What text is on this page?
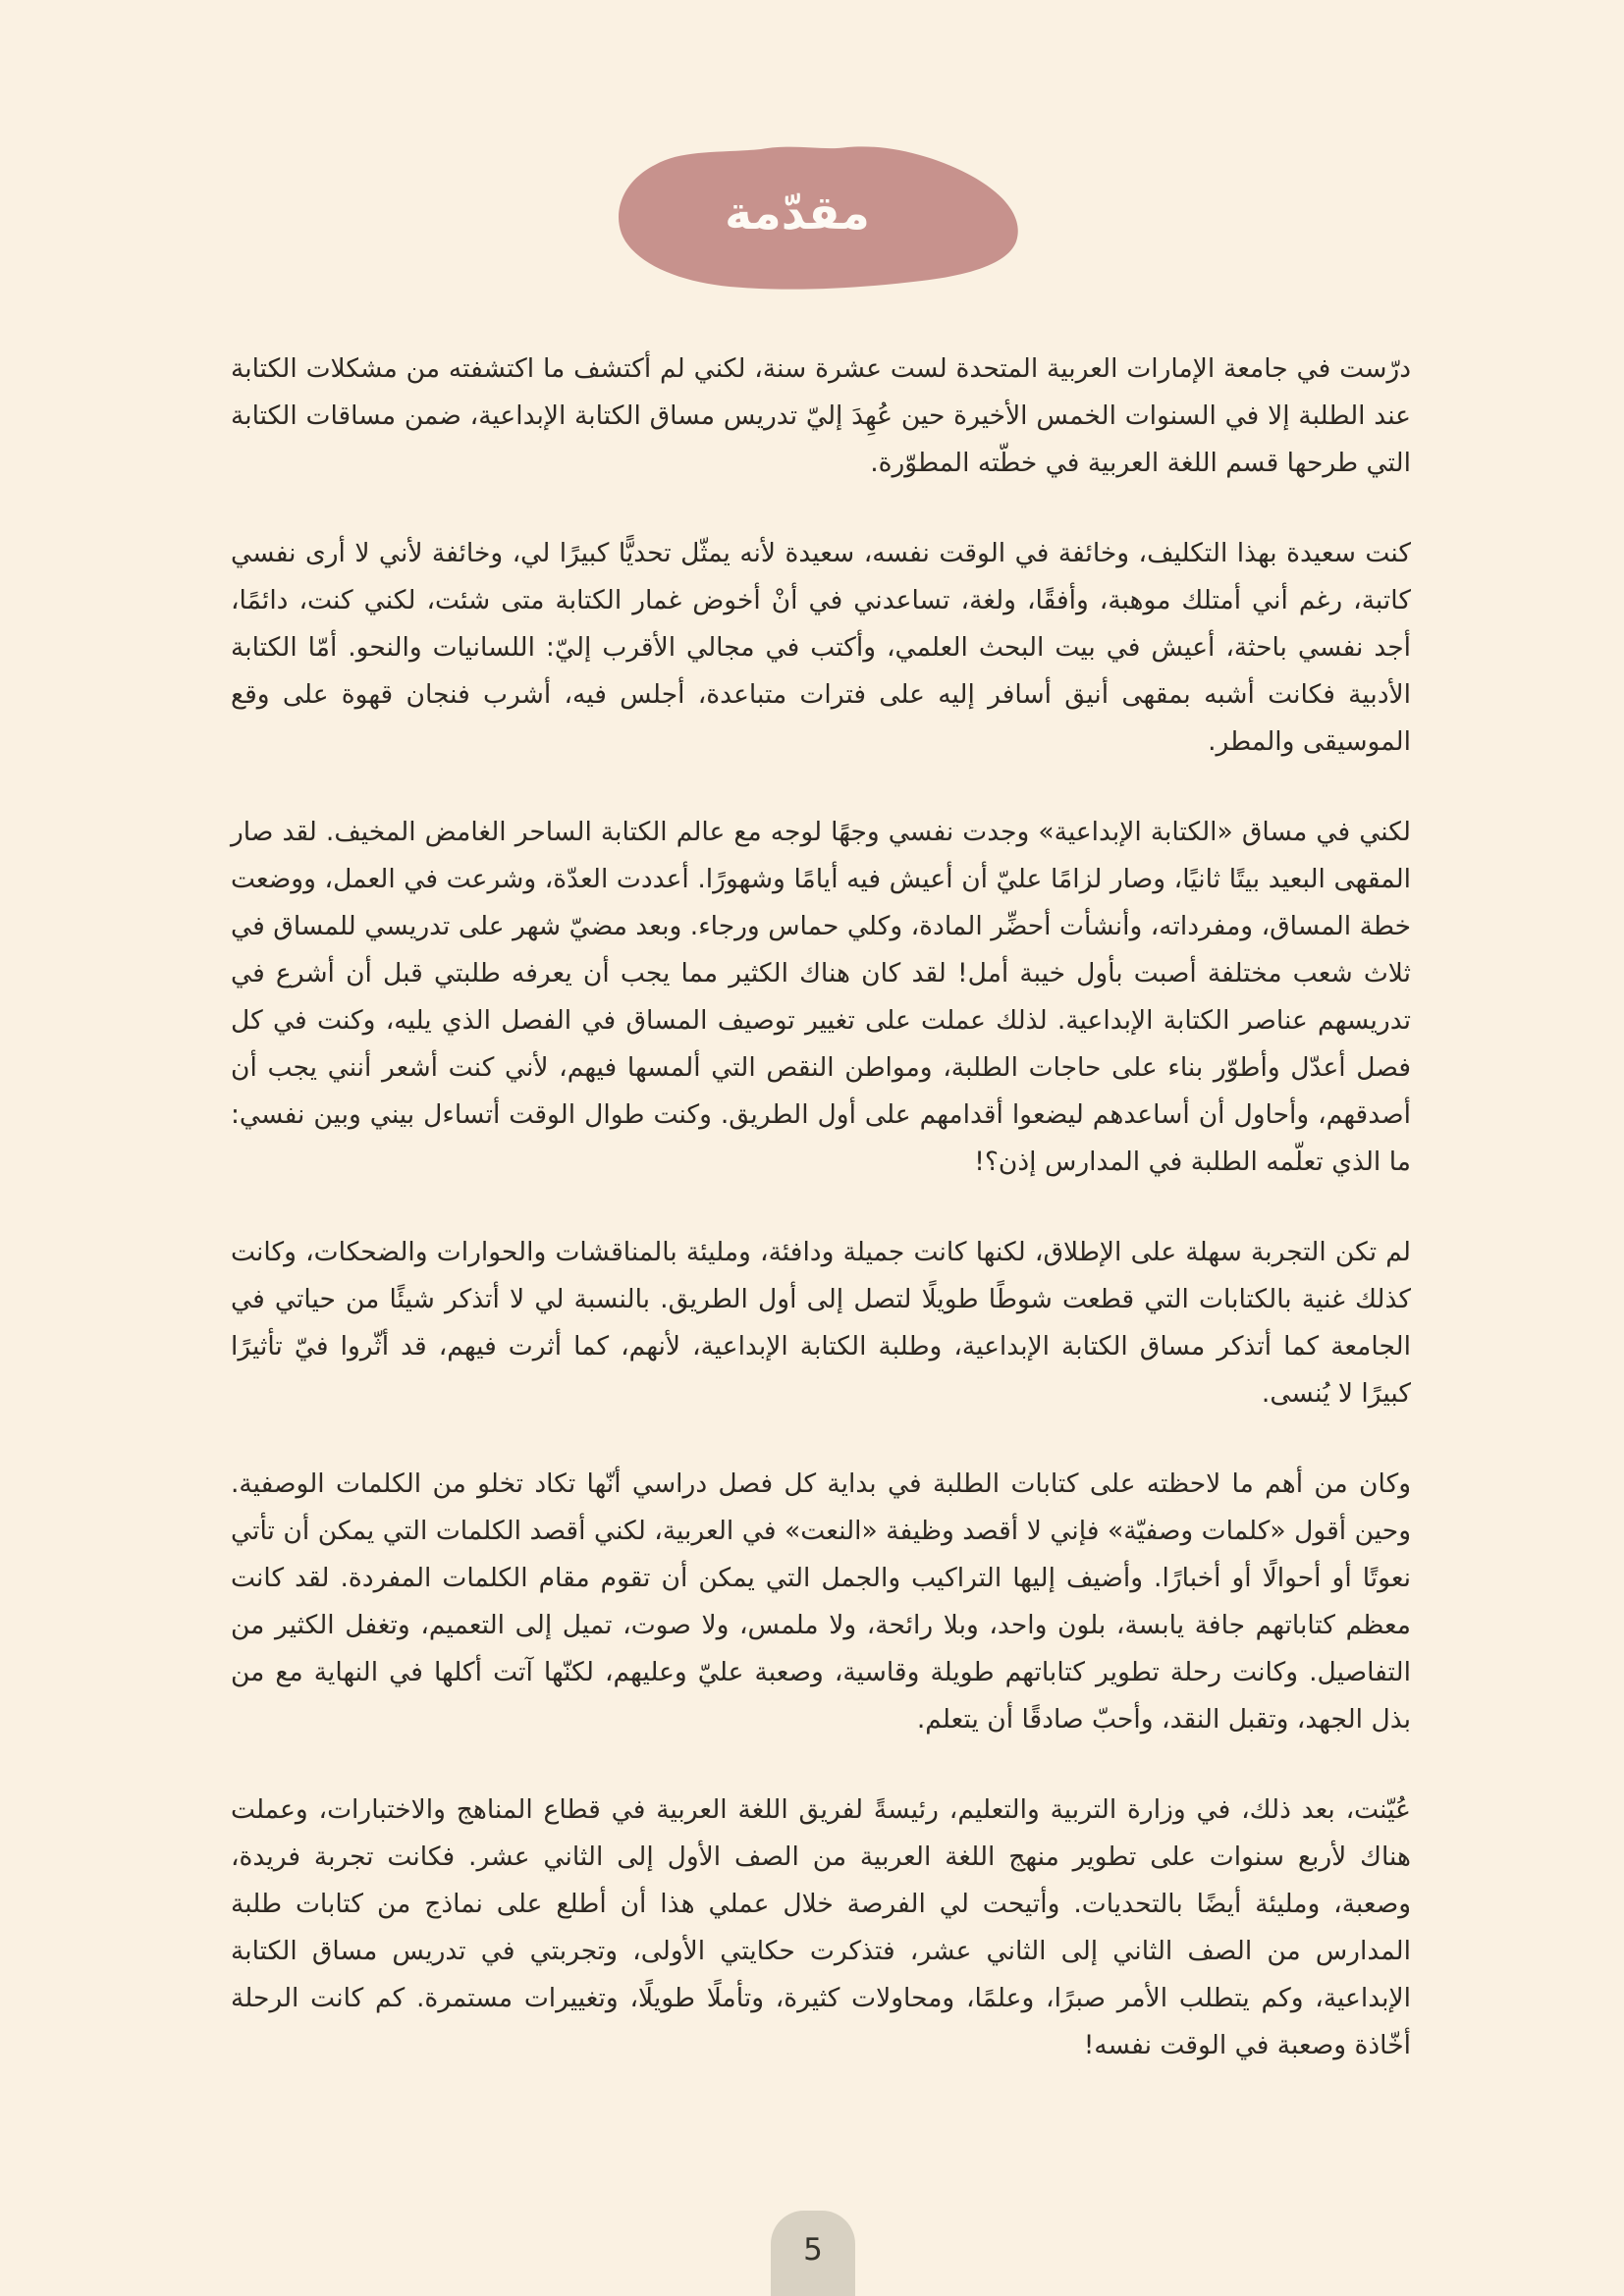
مقدّمة

درّست في جامعة الإمارات العربية المتحدة لست عشرة سنة، لكني لم أكتشف ما اكتشفته من مشكلات الكتابة عند الطلبة إلا في السنوات الخمس الأخيرة حين عُهِدَ إليّ تدريس مساق الكتابة الإبداعية، ضمن مساقات الكتابة التي طرحها قسم اللغة العربية في خطّته المطوّرة.

كنت سعيدة بهذا التكليف، وخائفة في الوقت نفسه، سعيدة لأنه يمثّل تحديًّا كبيرًا لي، وخائفة لأني لا أرى نفسي كاتبة، رغم أني أمتلك موهبة، وأفقًا، ولغة، تساعدني في أنْ أخوض غمار الكتابة متى شئت، لكني كنت، دائمًا، أجد نفسي باحثة، أعيش في بيت البحث العلمي، وأكتب في مجالي الأقرب إليّ: اللسانيات والنحو. أمّا الكتابة الأدبية فكانت أشبه بمقهى أنيق أسافر إليه على فترات متباعدة، أجلس فيه، أشرب فنجان قهوة على وقع الموسيقى والمطر.

لكني في مساق «الكتابة الإبداعية» وجدت نفسي وجهًا لوجه مع عالم الكتابة الساحر الغامض المخيف. لقد صار المقهى البعيد بيتًا ثانيًا، وصار لزامًا عليّ أن أعيش فيه أيامًا وشهورًا. أعددت العدّة، وشرعت في العمل، ووضعت خطة المساق، ومفرداته، وأنشأت أحضِّر المادة، وكلي حماس ورجاء. وبعد مضيّ شهر على تدريسي للمساق في ثلاث شعب مختلفة أصبت بأول خيبة أمل! لقد كان هناك الكثير مما يجب أن يعرفه طلبتي قبل أن أشرع في تدريسهم عناصر الكتابة الإبداعية. لذلك عملت على تغيير توصيف المساق في الفصل الذي يليه، وكنت في كل فصل أعدّل وأطوّر بناء على حاجات الطلبة، ومواطن النقص التي ألمسها فيهم، لأني كنت أشعر أنني يجب أن أصدقهم، وأحاول أن أساعدهم ليضعوا أقدامهم على أول الطريق. وكنت طوال الوقت أتساءل بيني وبين نفسي: ما الذي تعلّمه الطلبة في المدارس إذن؟!

لم تكن التجربة سهلة على الإطلاق، لكنها كانت جميلة ودافئة، ومليئة بالمناقشات والحوارات والضحكات، وكانت كذلك غنية بالكتابات التي قطعت شوطًا طويلًا لتصل إلى أول الطريق. بالنسبة لي لا أتذكر شيئًا من حياتي في الجامعة كما أتذكر مساق الكتابة الإبداعية، وطلبة الكتابة الإبداعية، لأنهم، كما أثرت فيهم، قد أثّروا فيّ تأثيرًا كبيرًا لا يُنسى.

وكان من أهم ما لاحظته على كتابات الطلبة في بداية كل فصل دراسي أنّها تكاد تخلو من الكلمات الوصفية. وحين أقول «كلمات وصفيّة» فإني لا أقصد وظيفة «النعت» في العربية، لكني أقصد الكلمات التي يمكن أن تأتي نعوتًا أو أحوالًا أو أخبارًا. وأضيف إليها التراكيب والجمل التي يمكن أن تقوم مقام الكلمات المفردة. لقد كانت معظم كتاباتهم جافة يابسة، بلون واحد، وبلا رائحة، ولا ملمس، ولا صوت، تميل إلى التعميم، وتغفل الكثير من التفاصيل. وكانت رحلة تطوير كتاباتهم طويلة وقاسية، وصعبة عليّ وعليهم، لكنّها آتت أكلها في النهاية مع من بذل الجهد، وتقبل النقد، وأحبّ صادقًا أن يتعلم.

عُيّنت، بعد ذلك، في وزارة التربية والتعليم، رئيسةً لفريق اللغة العربية في قطاع المناهج والاختبارات، وعملت هناك لأربع سنوات على تطوير منهج اللغة العربية من الصف الأول إلى الثاني عشر. فكانت تجربة فريدة، وصعبة، ومليئة أيضًا بالتحديات. وأتيحت لي الفرصة خلال عملي هذا أن أطلع على نماذج من كتابات طلبة المدارس من الصف الثاني إلى الثاني عشر، فتذكرت حكايتي الأولى، وتجربتي في تدريس مساق الكتابة الإبداعية، وكم يتطلب الأمر صبرًا، وعلمًا، ومحاولات كثيرة، وتأملًا طويلًا، وتغييرات مستمرة. كم كانت الرحلة أخّاذة وصعبة في الوقت نفسه!

5
